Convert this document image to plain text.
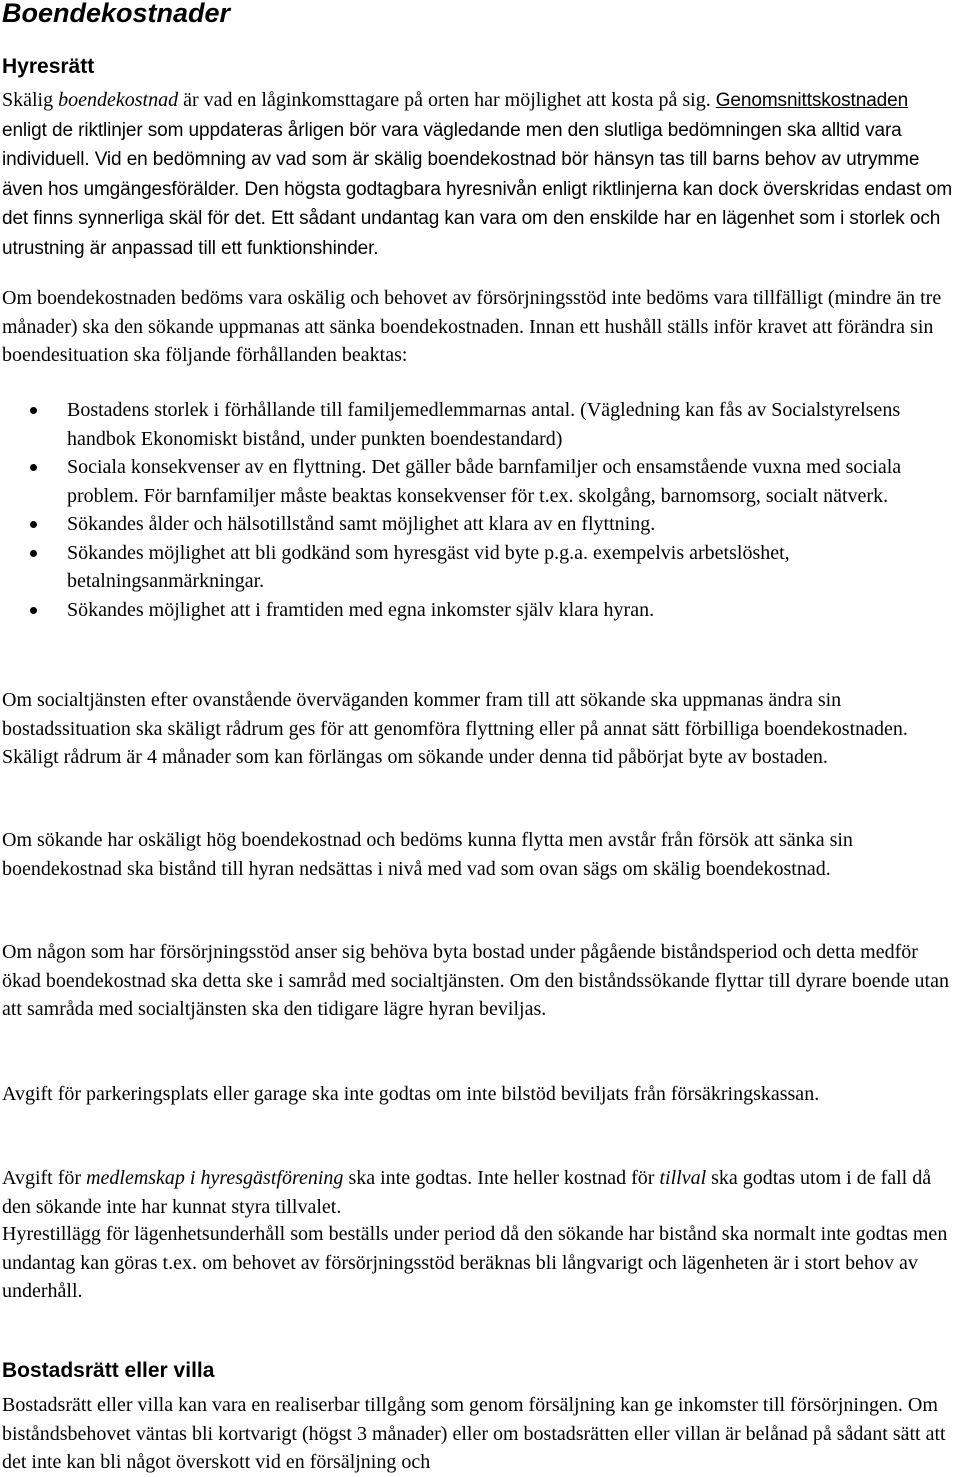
Boendekostnader
Hyresrätt

Skälig boendekostnad är vad en låginkomsttagare på orten har möjlighet att kosta på sig. Genomsnittskostnaden enligt de riktlinjer som uppdateras årligen bör vara vägledande men den slutliga bedömningen ska alltid vara individuell. Vid en bedömning av vad som är skälig boendekostnad bör hänsyn tas till barns behov av utrymme även hos umgängesförälder. Den högsta godtagbara hyresnivån enligt riktlinjerna kan dock överskridas endast om det finns synnerliga skäl för det. Ett sådant undantag kan vara om den enskilde har en lägenhet som i storlek och utrustning är anpassad till ett funktionshinder.

Om boendekostnaden bedöms vara oskälig och behovet av försörjningsstöd inte bedöms vara tillfälligt (mindre än tre månader) ska den sökande uppmanas att sänka boendekostnaden. Innan ett hushåll ställs inför kravet att förändra sin boendesituation ska följande förhållanden beaktas:

Bostadens storlek i förhållande till familjemedlemmarnas antal. (Vägledning kan fås av Socialstyrelsens handbok Ekonomiskt bistånd, under punkten boendestandard)
Sociala konsekvenser av en flyttning. Det gäller både barnfamiljer och ensamstående vuxna med sociala problem. För barnfamiljer måste beaktas konsekvenser för t.ex. skolgång, barnomsorg, socialt nätverk.
Sökandes ålder och hälsotillstånd samt möjlighet att klara av en flyttning.
Sökandes möjlighet att bli godkänd som hyresgäst vid byte p.g.a. exempelvis arbetslöshet, betalningsanmärkningar.
Sökandes möjlighet att i framtiden med egna inkomster själv klara hyran.

Om socialtjänsten efter ovanstående överväganden kommer fram till att sökande ska uppmanas ändra sin bostadssituation ska skäligt rådrum ges för att genomföra flyttning eller på annat sätt förbilliga boendekostnaden. Skäligt rådrum är 4 månader som kan förlängas om sökande under denna tid påbörjat byte av bostaden.

Om sökande har oskäligt hög boendekostnad och bedöms kunna flytta men avstår från försök att sänka sin boendekostnad ska bistånd till hyran nedsättas i nivå med vad som ovan sägs om skälig boendekostnad.

Om någon som har försörjningsstöd anser sig behöva byta bostad under pågående biståndsperiod och detta medför ökad boendekostnad ska detta ske i samråd med socialtjänsten. Om den biståndssökande flyttar till dyrare boende utan att samråda med socialtjänsten ska den tidigare lägre hyran beviljas.

Avgift för parkeringsplats eller garage ska inte godtas om inte bilstöd beviljats från försäkringskassan.

Avgift för medlemskap i hyresgästförening ska inte godtas. Inte heller kostnad för tillval ska godtas utom i de fall då den sökande inte har kunnat styra tillvalet.

Hyrestillägg för lägenhetsunderhåll som beställs under period då den sökande har bistånd ska normalt inte godtas men undantag kan göras t.ex. om behovet av försörjningsstöd beräknas bli långvarigt och lägenheten är i stort behov av underhåll.

Bostadsrätt eller villa

Bostadsrätt eller villa kan vara en realiserbar tillgång som genom försäljning kan ge inkomster till försörjningen. Om biståndsbehovet väntas bli kortvarigt (högst 3 månader) eller om bostadsrätten eller villan är belånad på sådant sätt att det inte kan bli något överskott vid en försäljning och
